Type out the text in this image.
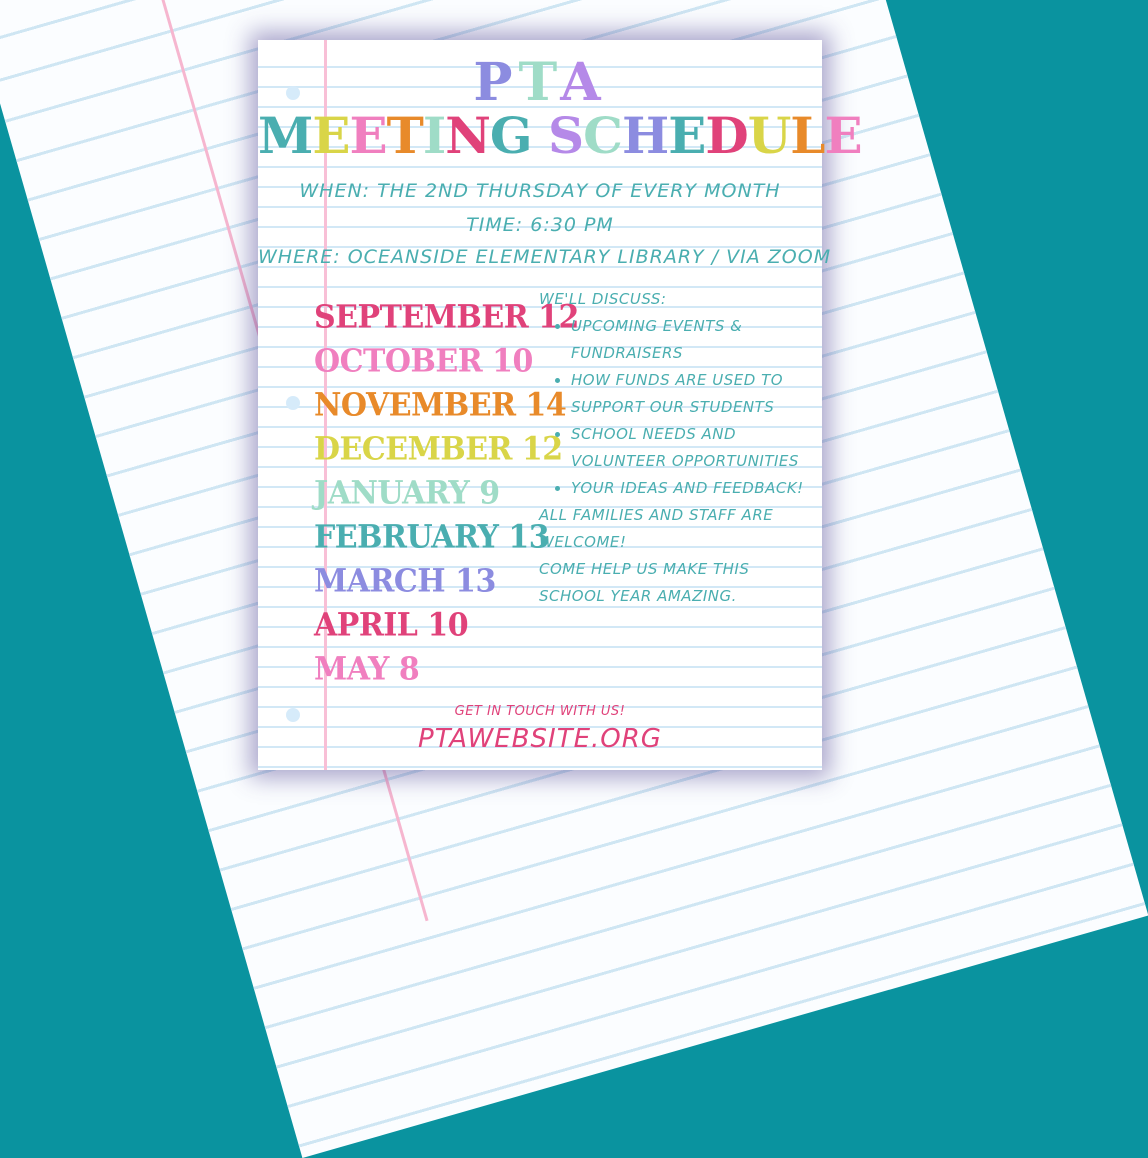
PTA
MEETING SCHEDULE
WHEN: THE 2ND THURSDAY OF EVERY MONTH
TIME: 6:30 PM
WHERE: OCEANSIDE ELEMENTARY LIBRARY / VIA ZOOM
SEPTEMBER 12
OCTOBER 10
NOVEMBER 14
DECEMBER 12
JANUARY 9
FEBRUARY 13
MARCH 13
APRIL 10
MAY 8
WE'LL DISCUSS:
• UPCOMING EVENTS & FUNDRAISERS
• HOW FUNDS ARE USED TO SUPPORT OUR STUDENTS
• SCHOOL NEEDS AND VOLUNTEER OPPORTUNITIES
• YOUR IDEAS AND FEEDBACK!
ALL FAMILIES AND STAFF ARE WELCOME!
COME HELP US MAKE THIS SCHOOL YEAR AMAZING.
GET IN TOUCH WITH US!
PTAWEBSITE.ORG
